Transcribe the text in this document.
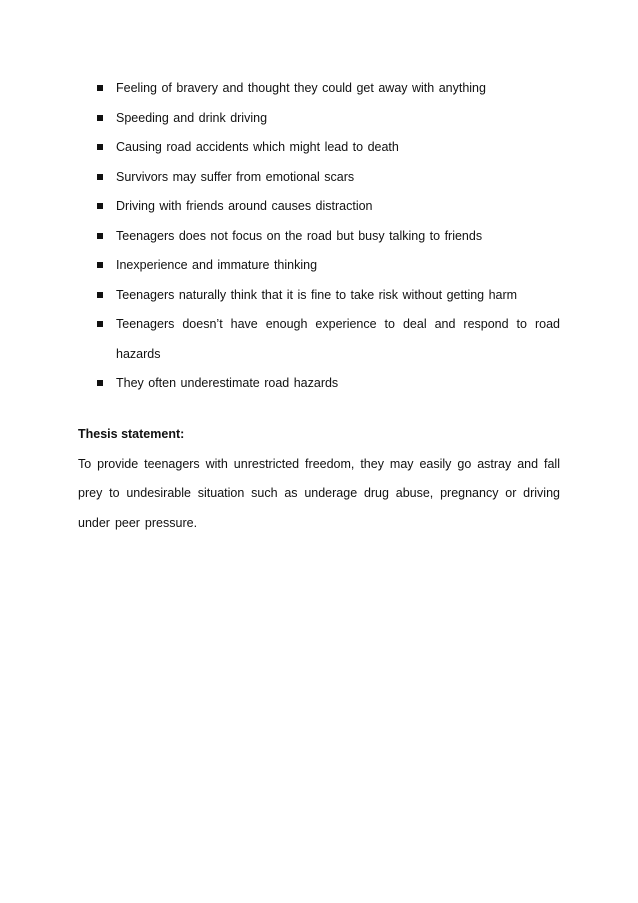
Feeling of bravery and thought they could get away with anything
Speeding and drink driving
Causing road accidents which might lead to death
Survivors may suffer from emotional scars
Driving with friends around causes distraction
Teenagers does not focus on the road but busy talking to friends
Inexperience and immature thinking
Teenagers naturally think that it is fine to take risk without getting harm
Teenagers doesn’t have enough experience to deal and respond to road hazards
They often underestimate road hazards

Thesis statement:

To provide teenagers with unrestricted freedom, they may easily go astray and fall prey to undesirable situation such as underage drug abuse, pregnancy or driving under peer pressure.
